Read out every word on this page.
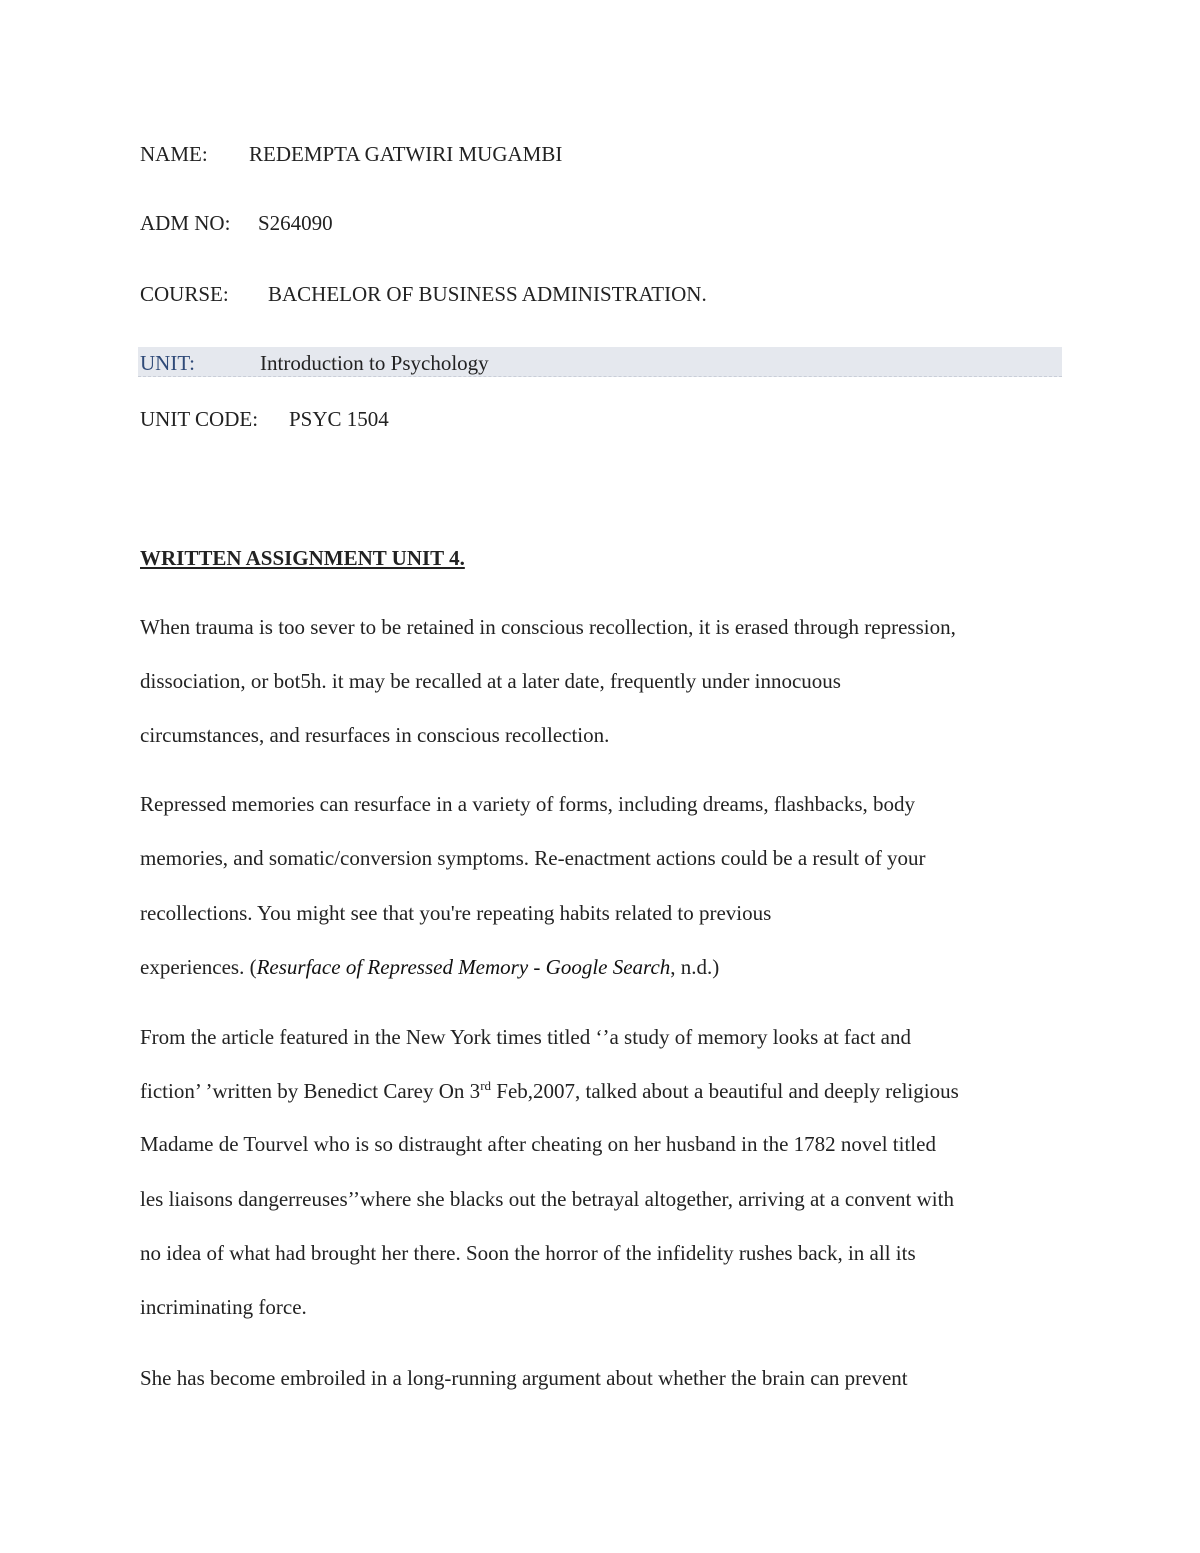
NAME: REDEMPTA GATWIRI MUGAMBI
ADM NO: S264090
COURSE: BACHELOR OF BUSINESS ADMINISTRATION.
UNIT:	Introduction to Psychology
UNIT CODE: PSYC 1504
WRITTEN ASSIGNMENT UNIT 4.
When trauma is too sever to be retained in conscious recollection, it is erased through repression,
dissociation, or bot5h. it may be recalled at a later date, frequently under innocuous
circumstances, and resurfaces in conscious recollection.
Repressed memories can resurface in a variety of forms, including dreams, flashbacks, body
memories, and somatic/conversion symptoms. Re-enactment actions could be a result of your
recollections. You might see that you're repeating habits related to previous
experiences. (Resurface of Repressed Memory - Google Search, n.d.)
From the article featured in the New York times titled ‘’a study of memory looks at fact and
fiction’ ’written by Benedict Carey On 3rd Feb,2007, talked about a beautiful and deeply religious
Madame de Tourvel who is so distraught after cheating on her husband in the 1782 novel titled
les liaisons dangerreuses’’where she blacks out the betrayal altogether, arriving at a convent with
no idea of what had brought her there. Soon the horror of the infidelity rushes back, in all its
incriminating force.
She has become embroiled in a long-running argument about whether the brain can prevent
